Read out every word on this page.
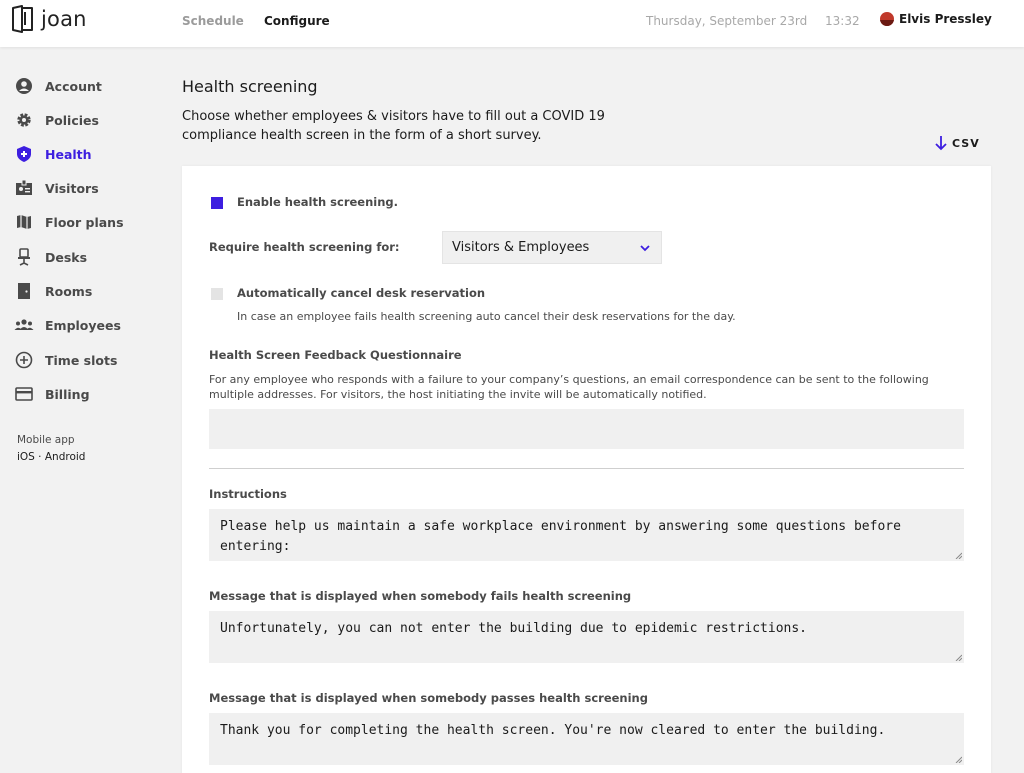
joan	Schedule Configure	Thursday, September 23rd 13:32	Elvis Pressley
Account
Policies
Health
Visitors
Floor plans
Desks
Rooms
Employees
Time slots
Billing
Mobile app
iOS · Android
Health screening
Choose whether employees & visitors have to fill out a COVID 19 compliance health screen in the form of a short survey.	CSV
Enable health screening.
Require health screening for:	Visitors & Employees
Automatically cancel desk reservation
In case an employee fails health screening auto cancel their desk reservations for the day.
Health Screen Feedback Questionnaire
For any employee who responds with a failure to your company’s questions, an email correspondence can be sent to the following multiple addresses. For visitors, the host initiating the invite will be automatically notified.
Instructions
Please help us maintain a safe workplace environment by answering some questions before entering:
Message that is displayed when somebody fails health screening
Unfortunately, you can not enter the building due to epidemic restrictions.
Message that is displayed when somebody passes health screening
Thank you for completing the health screen. You're now cleared to enter the building.
